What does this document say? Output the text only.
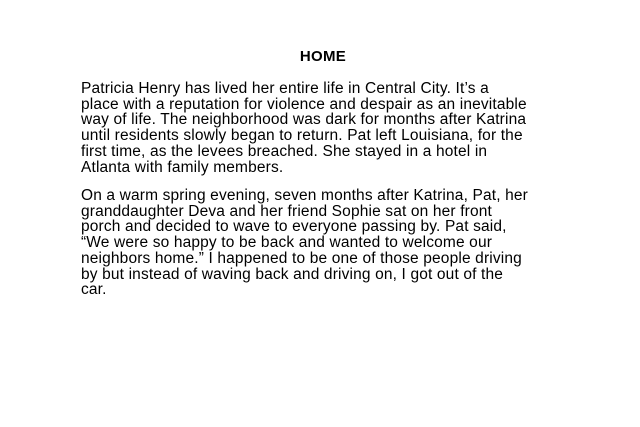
HOME

Patricia Henry has lived her entire life in Central City. It’s a
place with a reputation for violence and despair as an inevitable
way of life. The neighborhood was dark for months after Katrina
until residents slowly began to return. Pat left Louisiana, for the
first time, as the levees breached. She stayed in a hotel in
Atlanta with family members.

On a warm spring evening, seven months after Katrina, Pat, her
granddaughter Deva and her friend Sophie sat on her front
porch and decided to wave to everyone passing by. Pat said,
“We were so happy to be back and wanted to welcome our
neighbors home.” I happened to be one of those people driving
by but instead of waving back and driving on, I got out of the
car.
